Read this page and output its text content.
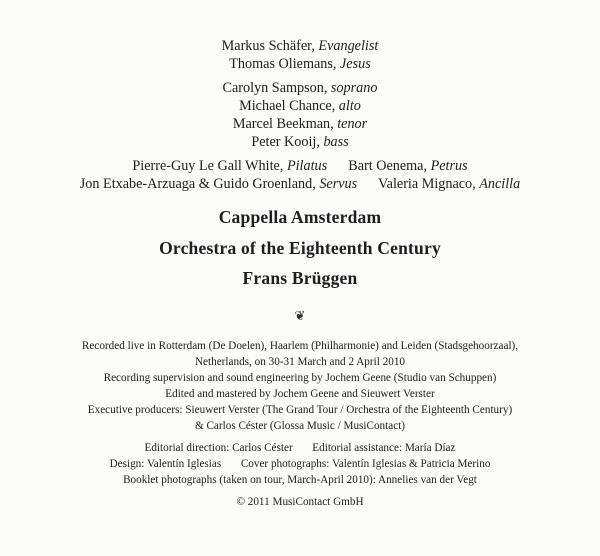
Markus Schäfer, Evangelist
Thomas Oliemans, Jesus
Carolyn Sampson, soprano
Michael Chance, alto
Marcel Beekman, tenor
Peter Kooij, bass
Pierre-Guy Le Gall White, Pilatus Bart Oenema, Petrus
Jon Etxabe-Arzuaga & Guido Groenland, Servus Valeria Mignaco, Ancilla
Cappella Amsterdam
Orchestra of the Eighteenth Century
Frans Brüggen
❦
Recorded live in Rotterdam (De Doelen), Haarlem (Philharmonie) and Leiden (Stadsgehoorzaal),
Netherlands, on 30-31 March and 2 April 2010
Recording supervision and sound engineering by Jochem Geene (Studio van Schuppen)
Edited and mastered by Jochem Geene and Sieuwert Verster
Executive producers: Sieuwert Verster (The Grand Tour / Orchestra of the Eighteenth Century)
& Carlos Céster (Glossa Music / MusiContact)
Editorial direction: Carlos Céster Editorial assistance: María Díaz
Design: Valentín Iglesias Cover photographs: Valentín Iglesias & Patricia Merino
Booklet photographs (taken on tour, March-April 2010): Annelies van der Vegt
© 2011 MusiContact GmbH
